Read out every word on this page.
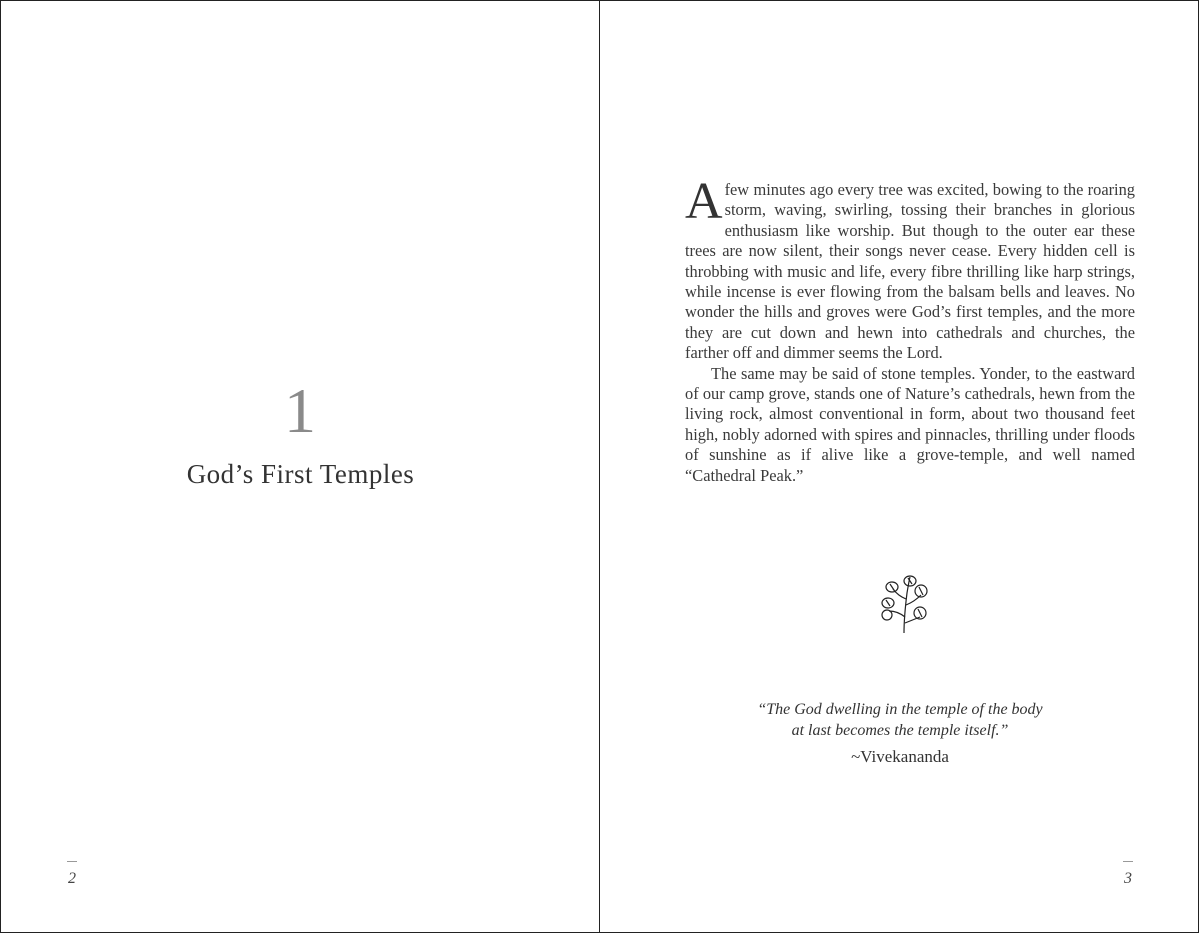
1
God’s First Temples
2

Afew minutes ago every tree was excited, bowing to the roaring storm, waving, swirling, tossing their branches in glorious enthusiasm like worship. But though to the outer ear these trees are now silent, their songs never cease. Every hidden cell is throbbing with music and life, every fibre thrilling like harp strings, while incense is ever flowing from the balsam bells and leaves. No wonder the hills and groves were God’s first temples, and the more they are cut down and hewn into cathedrals and churches, the farther off and dimmer seems the Lord.

The same may be said of stone temples. Yonder, to the eastward of our camp grove, stands one of Nature’s cathedrals, hewn from the living rock, almost conventional in form, about two thousand feet high, nobly adorned with spires and pinnacles, thrilling under floods of sunshine as if alive like a grove-temple, and well named “Cathedral Peak.”

“The God dwelling in the temple of the body
at last becomes the temple itself.”
~Vivekananda
3
